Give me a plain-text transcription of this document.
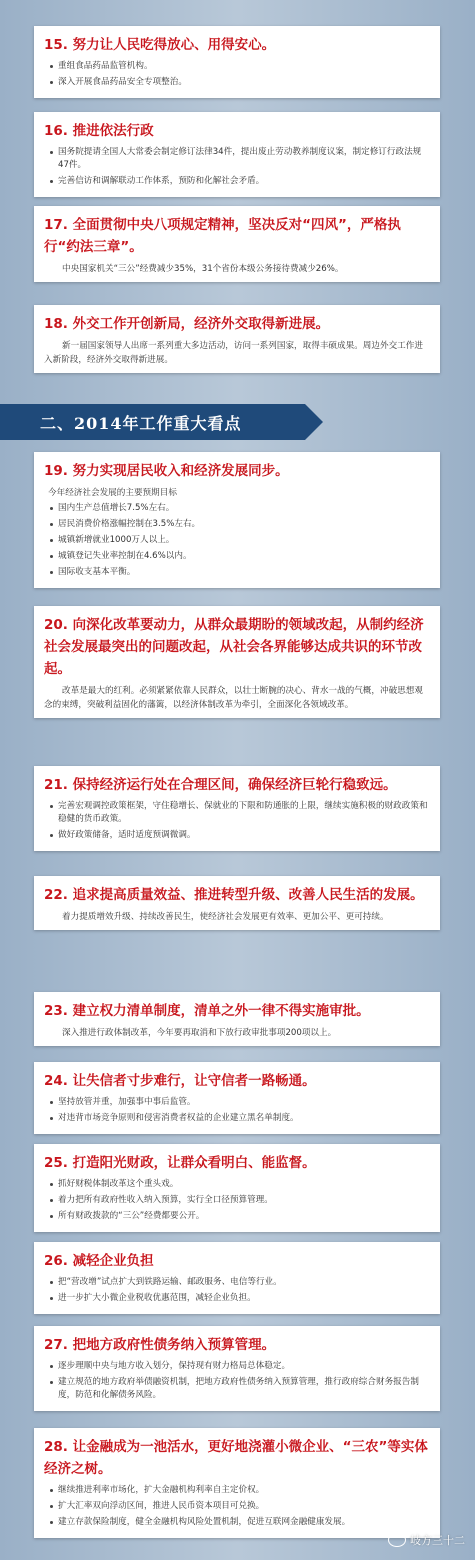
15. 努力让人民吃得放心、用得安心。
重组食品药品监管机构。
深入开展食品药品安全专项整治。
16. 推进依法行政
国务院提请全国人大常委会制定修订法律34件，提出废止劳动教养制度议案，制定修订行政法规47件。
完善信访和调解联动工作体系，预防和化解社会矛盾。
17. 全面贯彻中央八项规定精神，坚决反对“四风”，严格执行“约法三章”。

中央国家机关“三公”经费减少35%，31个省份本级公务接待费减少26%。

18. 外交工作开创新局，经济外交取得新进展。

新一届国家领导人出席一系列重大多边活动，访问一系列国家，取得丰硕成果。周边外交工作进入新阶段，经济外交取得新进展。

二、2014年工作重大看点
19. 努力实现居民收入和经济发展同步。
今年经济社会发展的主要预期目标
国内生产总值增长7.5%左右。
居民消费价格涨幅控制在3.5%左右。
城镇新增就业1000万人以上。
城镇登记失业率控制在4.6%以内。
国际收支基本平衡。
20. 向深化改革要动力，从群众最期盼的领域改起，从制约经济社会发展最突出的问题改起，从社会各界能够达成共识的环节改起。

改革是最大的红利。必须紧紧依靠人民群众，以壮士断腕的决心、背水一战的气概，冲破思想观念的束缚，突破利益固化的藩篱，以经济体制改革为牵引，全面深化各领域改革。

21. 保持经济运行处在合理区间，确保经济巨轮行稳致远。
完善宏观调控政策框架，守住稳增长、保就业的下限和防通胀的上限，继续实施积极的财政政策和稳健的货币政策。
做好政策储备，适时适度预调微调。
22. 追求提高质量效益、推进转型升级、改善人民生活的发展。

着力提质增效升级、持续改善民生，使经济社会发展更有效率、更加公平、更可持续。

23. 建立权力清单制度，清单之外一律不得实施审批。

深入推进行政体制改革，今年要再取消和下放行政审批事项200项以上。

24. 让失信者寸步难行，让守信者一路畅通。
坚持放管并重，加强事中事后监管。
对违背市场竞争原则和侵害消费者权益的企业建立黑名单制度。
25. 打造阳光财政，让群众看明白、能监督。
抓好财税体制改革这个重头戏。
着力把所有政府性收入纳入预算，实行全口径预算管理。
所有财政拨款的“三公”经费都要公开。
26. 减轻企业负担
把“营改增”试点扩大到铁路运输、邮政服务、电信等行业。
进一步扩大小微企业税收优惠范围，减轻企业负担。
27. 把地方政府性债务纳入预算管理。
逐步理顺中央与地方收入划分，保持现有财力格局总体稳定。
建立规范的地方政府举债融资机制，把地方政府性债务纳入预算管理，推行政府综合财务报告制度，防范和化解债务风险。
28. 让金融成为一池活水，更好地浇灌小微企业、“三农”等实体经济之树。
继续推进利率市场化，扩大金融机构利率自主定价权。
扩大汇率双向浮动区间，推进人民币资本项目可兑换。
建立存款保险制度，健全金融机构风险处置机制，促进互联网金融健康发展。
岐方三十二
